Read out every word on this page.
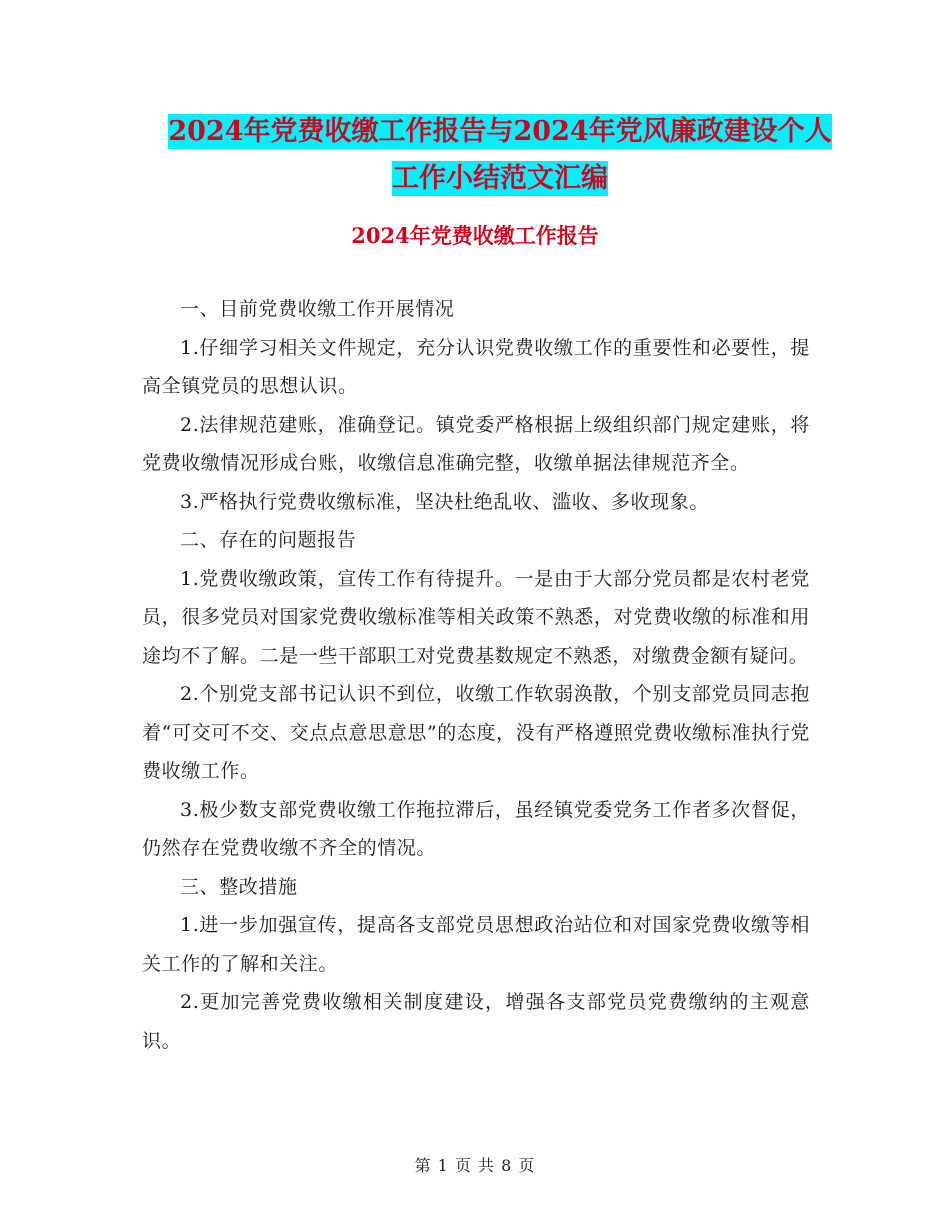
2024年党费收缴工作报告与2024年党风廉政建设个人
工作小结范文汇编
2024年党费收缴工作报告

一、目前党费收缴工作开展情况

1.仔细学习相关文件规定，充分认识党费收缴工作的重要性和必要性，提高全镇党员的思想认识。

2.法律规范建账，准确登记。镇党委严格根据上级组织部门规定建账，将党费收缴情况形成台账，收缴信息准确完整，收缴单据法律规范齐全。

3.严格执行党费收缴标准，坚决杜绝乱收、滥收、多收现象。

二、存在的问题报告

1.党费收缴政策，宣传工作有待提升。一是由于大部分党员都是农村老党员，很多党员对国家党费收缴标准等相关政策不熟悉，对党费收缴的标准和用途均不了解。二是一些干部职工对党费基数规定不熟悉，对缴费金额有疑问。

2.个别党支部书记认识不到位，收缴工作软弱涣散，个别支部党员同志抱着“可交可不交、交点点意思意思”的态度，没有严格遵照党费收缴标准执行党费收缴工作。

3.极少数支部党费收缴工作拖拉滞后，虽经镇党委党务工作者多次督促，仍然存在党费收缴不齐全的情况。

三、整改措施

1.进一步加强宣传，提高各支部党员思想政治站位和对国家党费收缴等相关工作的了解和关注。

2.更加完善党费收缴相关制度建设，增强各支部党员党费缴纳的主观意识。

第 1 页 共 8 页
